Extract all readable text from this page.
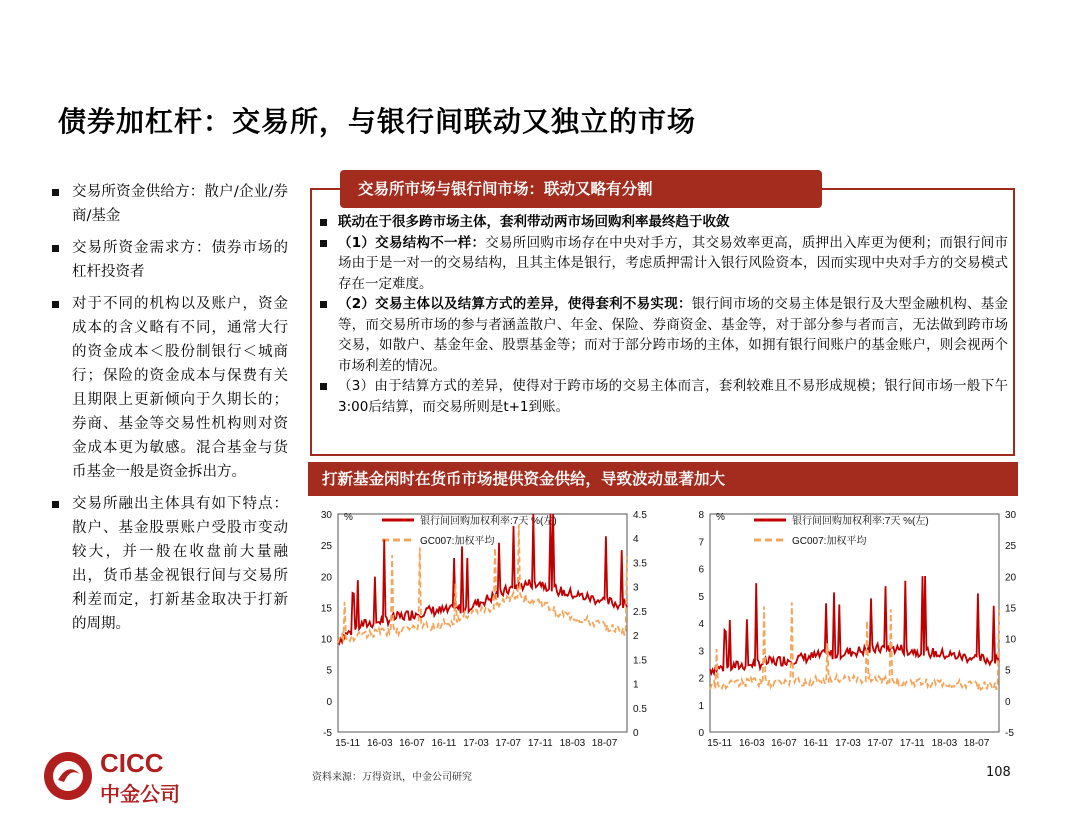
债券加杠杆：交易所，与银行间联动又独立的市场
交易所资金供给方：散户/企业/券商/基金
交易所资金需求方：债券市场的杠杆投资者
对于不同的机构以及账户，资金成本的含义略有不同，通常大行的资金成本＜股份制银行＜城商行；保险的资金成本与保费有关且期限上更新倾向于久期长的；券商、基金等交易性机构则对资金成本更为敏感。混合基金与货币基金一般是资金拆出方。
交易所融出主体具有如下特点：散户、基金股票账户受股市变动较大，并一般在收盘前大量融出，货币基金视银行间与交易所利差而定，打新基金取决于打新的周期。
交易所市场与银行间市场：联动又略有分割
联动在于很多跨市场主体，套利带动两市场回购利率最终趋于收敛
（1）交易结构不一样：交易所回购市场存在中央对手方，其交易效率更高，质押出入库更为便利；而银行间市场由于是一对一的交易结构，且其主体是银行，考虑质押需计入银行风险资本，因而实现中央对手方的交易模式存在一定难度。
（2）交易主体以及结算方式的差异，使得套利不易实现：银行间市场的交易主体是银行及大型金融机构、基金等，而交易所市场的参与者涵盖散户、年金、保险、券商资金、基金等，对于部分参与者而言，无法做到跨市场交易，如散户、基金年金、股票基金等；而对于部分跨市场的主体，如拥有银行间账户的基金账户，则会视两个市场利差的情况。
（3）由于结算方式的差异，使得对于跨市场的交易主体而言，套利较难且不易形成规模；银行间市场一般下午3:00后结算，而交易所则是t+1到账。
打新基金闲时在货币市场提供资金供给，导致波动显著加大
30
25
20
15
10
5
0
-5
4.5
4
3.5
3
2.5
2
1.5
1
0.5
0
15-11 16-03 16-07 16-11 17-03 17-07 17-11 18-03 18-07
%	银行间回购加权利率:7天 %(左)
GC007:加权平均
8
7
6
5
4
3
2
1
0
30
25
20
15
10
5
0
-5
15-11 16-03 16-07 16-11 17-03 17-07 17-11 18-03 18-07
%	银行间回购加权利率:7天 %(左)
GC007:加权平均
资料来源：万得资讯，中金公司研究	108
CICC
中金公司
